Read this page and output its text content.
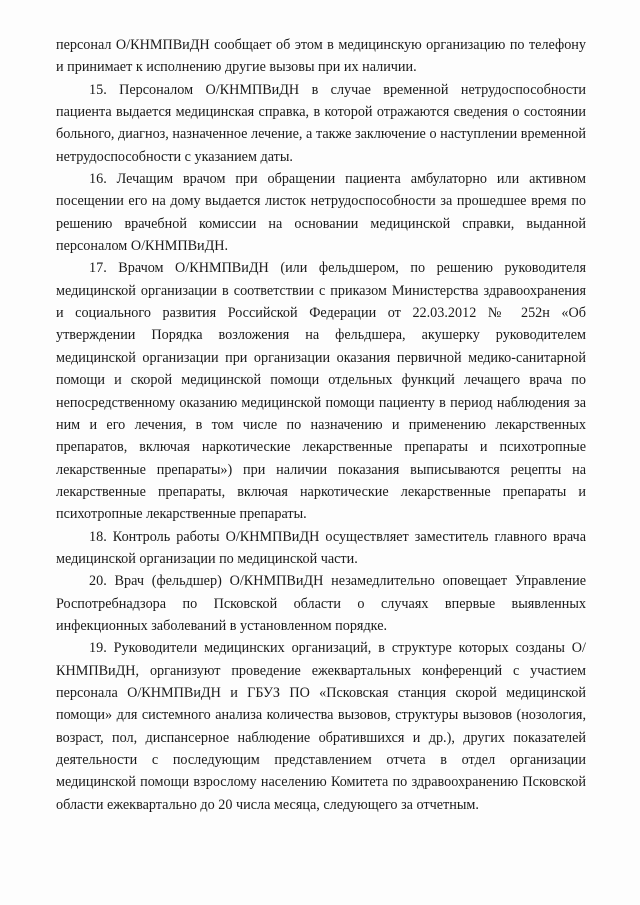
персонал О/КНМПВиДН сообщает об этом в медицинскую организацию по телефону и принимает к исполнению другие вызовы при их наличии.

15. Персоналом О/КНМПВиДН в случае временной нетрудоспособности пациента выдается медицинская справка, в которой отражаются сведения о состоянии больного, диагноз, назначенное лечение, а также заключение о наступлении временной нетрудоспособности с указанием даты.

16. Лечащим врачом при обращении пациента амбулаторно или активном посещении его на дому выдается листок нетрудоспособности за прошедшее время по решению врачебной комиссии на основании медицинской справки, выданной персоналом О/КНМПВиДН.

17. Врачом О/КНМПВиДН (или фельдшером, по решению руководителя медицинской организации в соответствии с приказом Министерства здравоохранения и социального развития Российской Федерации от 22.03.2012 № 252н «Об утверждении Порядка возложения на фельдшера, акушерку руководителем медицинской организации при организации оказания первичной медико-санитарной помощи и скорой медицинской помощи отдельных функций лечащего врача по непосредственному оказанию медицинской помощи пациенту в период наблюдения за ним и его лечения, в том числе по назначению и применению лекарственных препаратов, включая наркотические лекарственные препараты и психотропные лекарственные препараты») при наличии показания выписываются рецепты на лекарственные препараты, включая наркотические лекарственные препараты и психотропные лекарственные препараты.

18. Контроль работы О/КНМПВиДН осуществляет заместитель главного врача медицинской организации по медицинской части.

20. Врач (фельдшер) О/КНМПВиДН незамедлительно оповещает Управление Роспотребнадзора по Псковской области о случаях впервые выявленных инфекционных заболеваний в установленном порядке.

19. Руководители медицинских организаций, в структуре которых созданы О/КНМПВиДН, организуют проведение ежеквартальных конференций с участием персонала О/КНМПВиДН и ГБУЗ ПО «Псковская станция скорой медицинской помощи» для системного анализа количества вызовов, структуры вызовов (нозология, возраст, пол, диспансерное наблюдение обратившихся и др.), других показателей деятельности с последующим представлением отчета в отдел организации медицинской помощи взрослому населению Комитета по здравоохранению Псковской области ежеквартально до 20 числа месяца, следующего за отчетным.
